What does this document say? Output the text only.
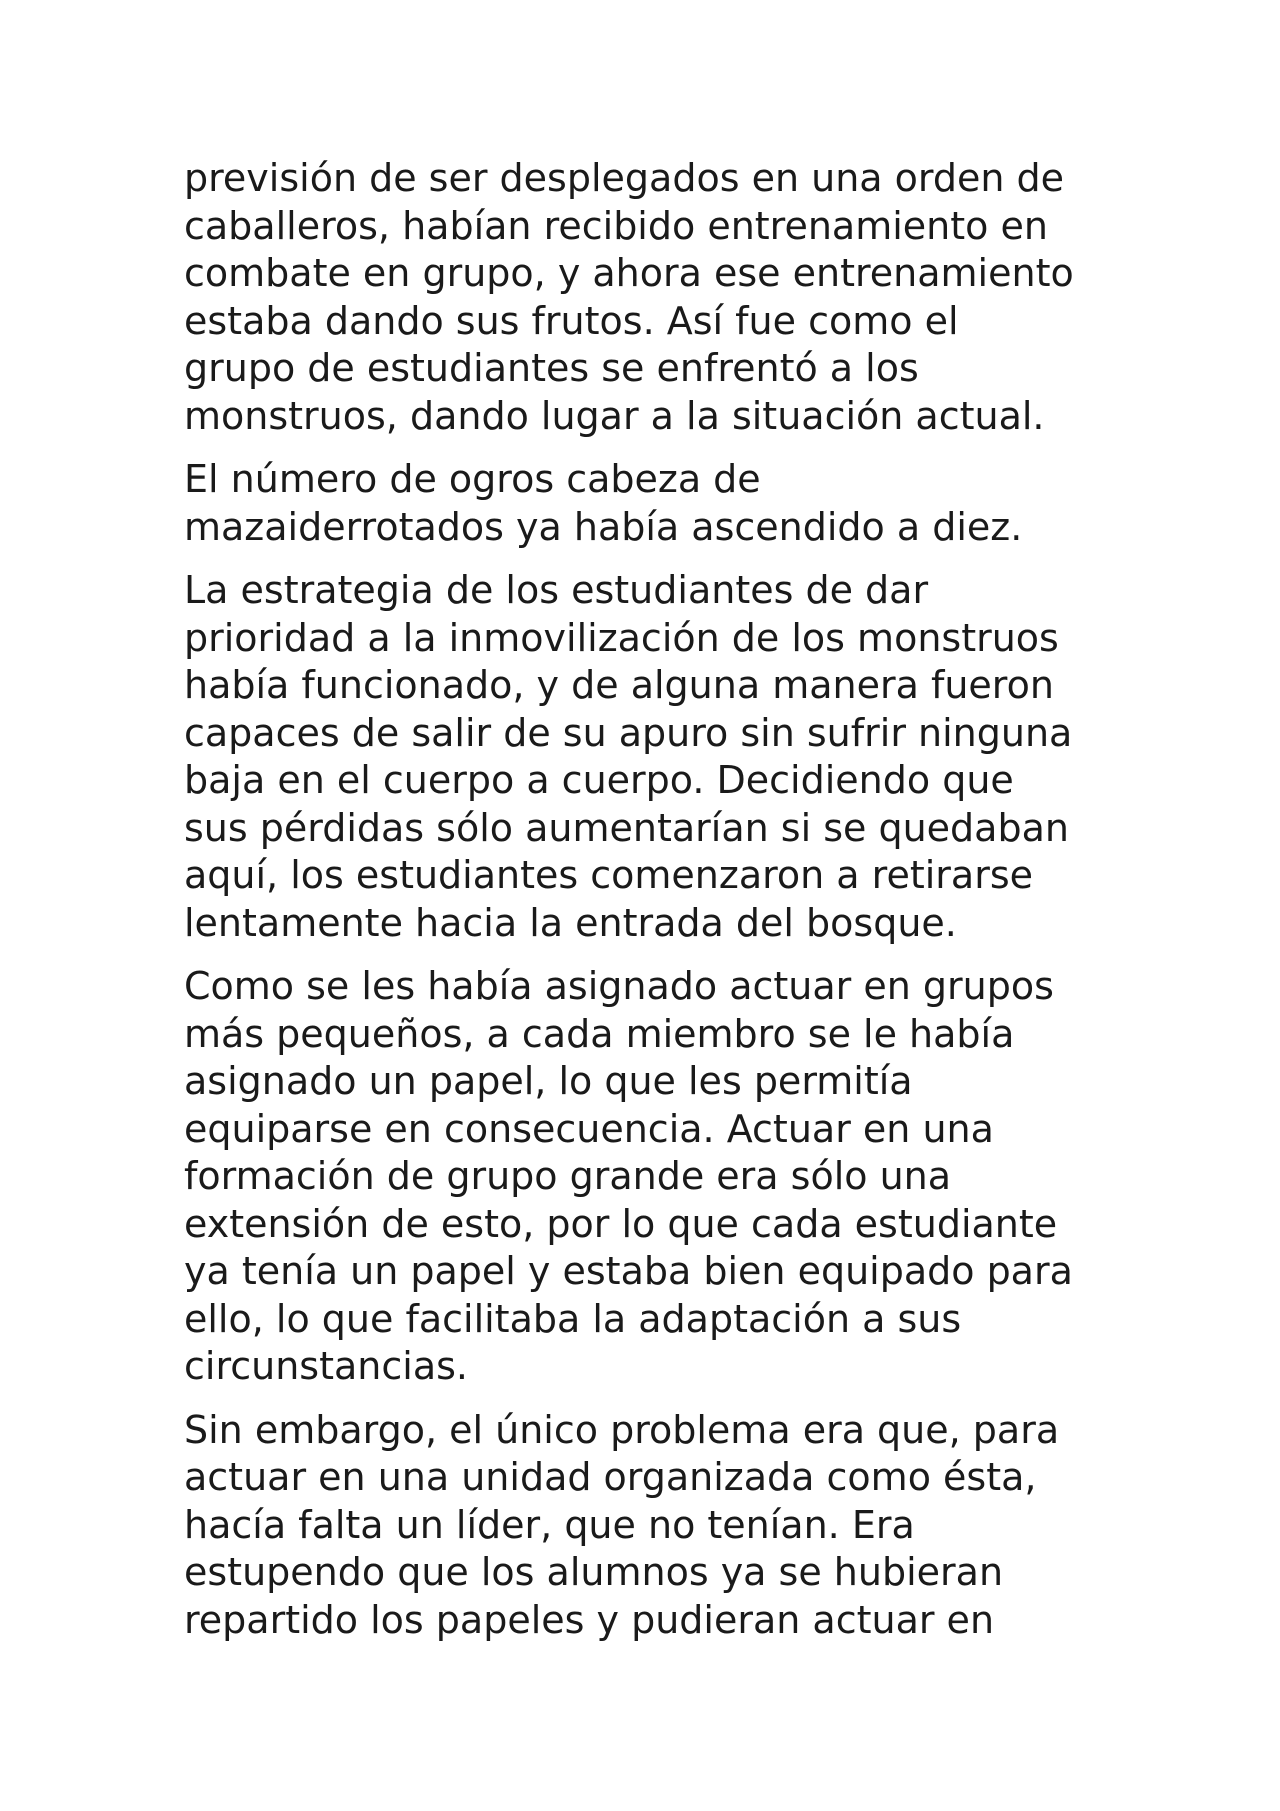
previsión de ser desplegados en una orden de
caballeros, habían recibido entrenamiento en
combate en grupo, y ahora ese entrenamiento
estaba dando sus frutos. Así fue como el
grupo de estudiantes se enfrentó a los
monstruos, dando lugar a la situación actual.

El número de ogros cabeza de
mazaiderrotados ya había ascendido a diez.

La estrategia de los estudiantes de dar
prioridad a la inmovilización de los monstruos
había funcionado, y de alguna manera fueron
capaces de salir de su apuro sin sufrir ninguna
baja en el cuerpo a cuerpo. Decidiendo que
sus pérdidas sólo aumentarían si se quedaban
aquí, los estudiantes comenzaron a retirarse
lentamente hacia la entrada del bosque.

Como se les había asignado actuar en grupos
más pequeños, a cada miembro se le había
asignado un papel, lo que les permitía
equiparse en consecuencia. Actuar en una
formación de grupo grande era sólo una
extensión de esto, por lo que cada estudiante
ya tenía un papel y estaba bien equipado para
ello, lo que facilitaba la adaptación a sus
circunstancias.

Sin embargo, el único problema era que, para
actuar en una unidad organizada como ésta,
hacía falta un líder, que no tenían. Era
estupendo que los alumnos ya se hubieran
repartido los papeles y pudieran actuar en
